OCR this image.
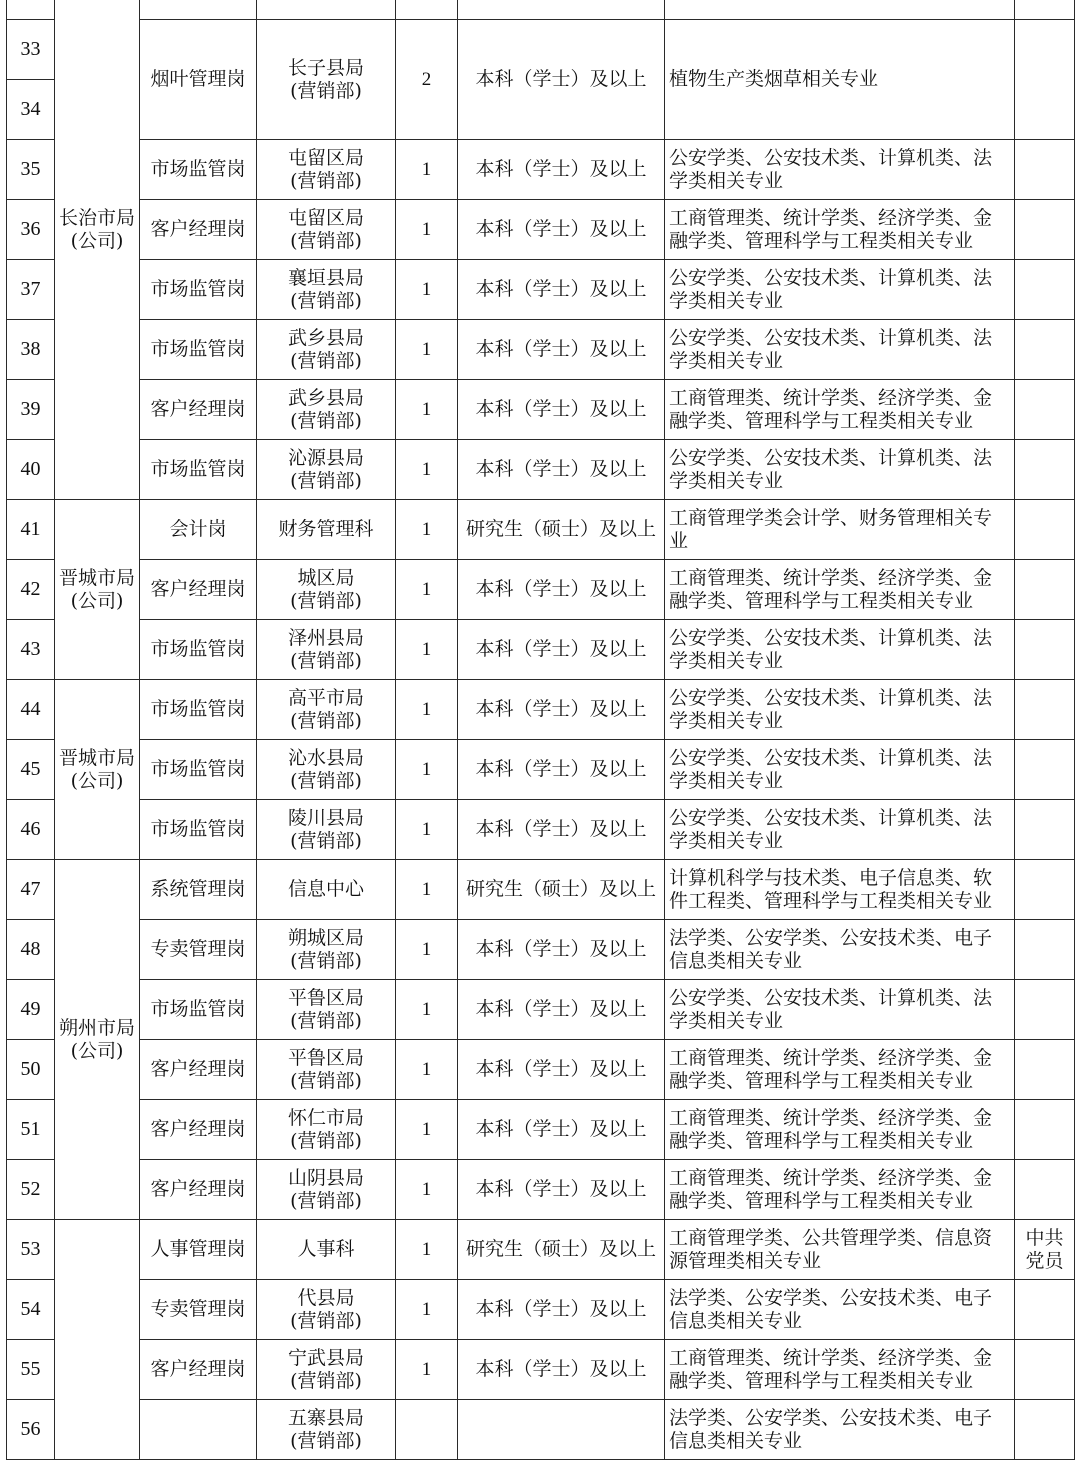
长治市局
(公司)						

33		烟叶管理岗	长子县局
(营销部)	2	本科（学士）及以上	植物生产类烟草相关专业	

34							
35		市场监管岗	屯留区局
(营销部)	1	本科（学士）及以上	公安学类、公安技术类、计算机类、法
学类相关专业	

36		客户经理岗	屯留区局
(营销部)	1	本科（学士）及以上	工商管理类、统计学类、经济学类、金
融学类、管理科学与工程类相关专业	

37		市场监管岗	襄垣县局
(营销部)	1	本科（学士）及以上	公安学类、公安技术类、计算机类、法
学类相关专业	

38		市场监管岗	武乡县局
(营销部)	1	本科（学士）及以上	公安学类、公安技术类、计算机类、法
学类相关专业	

39		客户经理岗	武乡县局
(营销部)	1	本科（学士）及以上	工商管理类、统计学类、经济学类、金
融学类、管理科学与工程类相关专业	

40		市场监管岗	沁源县局
(营销部)	1	本科（学士）及以上	公安学类、公安技术类、计算机类、法
学类相关专业	

41	晋城市局
(公司)	会计岗	财务管理科	1	研究生（硕士）及以上	工商管理学类会计学、财务管理相关专
业	

42		客户经理岗	城区局
(营销部)	1	本科（学士）及以上	工商管理类、统计学类、经济学类、金
融学类、管理科学与工程类相关专业	

43		市场监管岗	泽州县局
(营销部)	1	本科（学士）及以上	公安学类、公安技术类、计算机类、法
学类相关专业	

44	晋城市局
(公司)	市场监管岗	高平市局
(营销部)	1	本科（学士）及以上	公安学类、公安技术类、计算机类、法
学类相关专业	

45		市场监管岗	沁水县局
(营销部)	1	本科（学士）及以上	公安学类、公安技术类、计算机类、法
学类相关专业	

46		市场监管岗	陵川县局
(营销部)	1	本科（学士）及以上	公安学类、公安技术类、计算机类、法
学类相关专业	

47	朔州市局
(公司)	系统管理岗	信息中心	1	研究生（硕士）及以上	计算机科学与技术类、电子信息类、软
件工程类、管理科学与工程类相关专业	

48		专卖管理岗	朔城区局
(营销部)	1	本科（学士）及以上	法学类、公安学类、公安技术类、电子
信息类相关专业	

49		市场监管岗	平鲁区局
(营销部)	1	本科（学士）及以上	公安学类、公安技术类、计算机类、法
学类相关专业	

50		客户经理岗	平鲁区局
(营销部)	1	本科（学士）及以上	工商管理类、统计学类、经济学类、金
融学类、管理科学与工程类相关专业	

51		客户经理岗	怀仁市局
(营销部)	1	本科（学士）及以上	工商管理类、统计学类、经济学类、金
融学类、管理科学与工程类相关专业	

52		客户经理岗	山阴县局
(营销部)	1	本科（学士）及以上	工商管理类、统计学类、经济学类、金
融学类、管理科学与工程类相关专业	

53		人事管理岗	人事科	1	研究生（硕士）及以上	工商管理学类、公共管理学类、信息资
源管理类相关专业	中共
党员

54		专卖管理岗	代县局
(营销部)	1	本科（学士）及以上	法学类、公安学类、公安技术类、电子
信息类相关专业	

55		客户经理岗	宁武县局
(营销部)	1	本科（学士）及以上	工商管理类、统计学类、经济学类、金
融学类、管理科学与工程类相关专业	

56			五寨县局
(营销部)			法学类、公安学类、公安技术类、电子
信息类相关专业	
